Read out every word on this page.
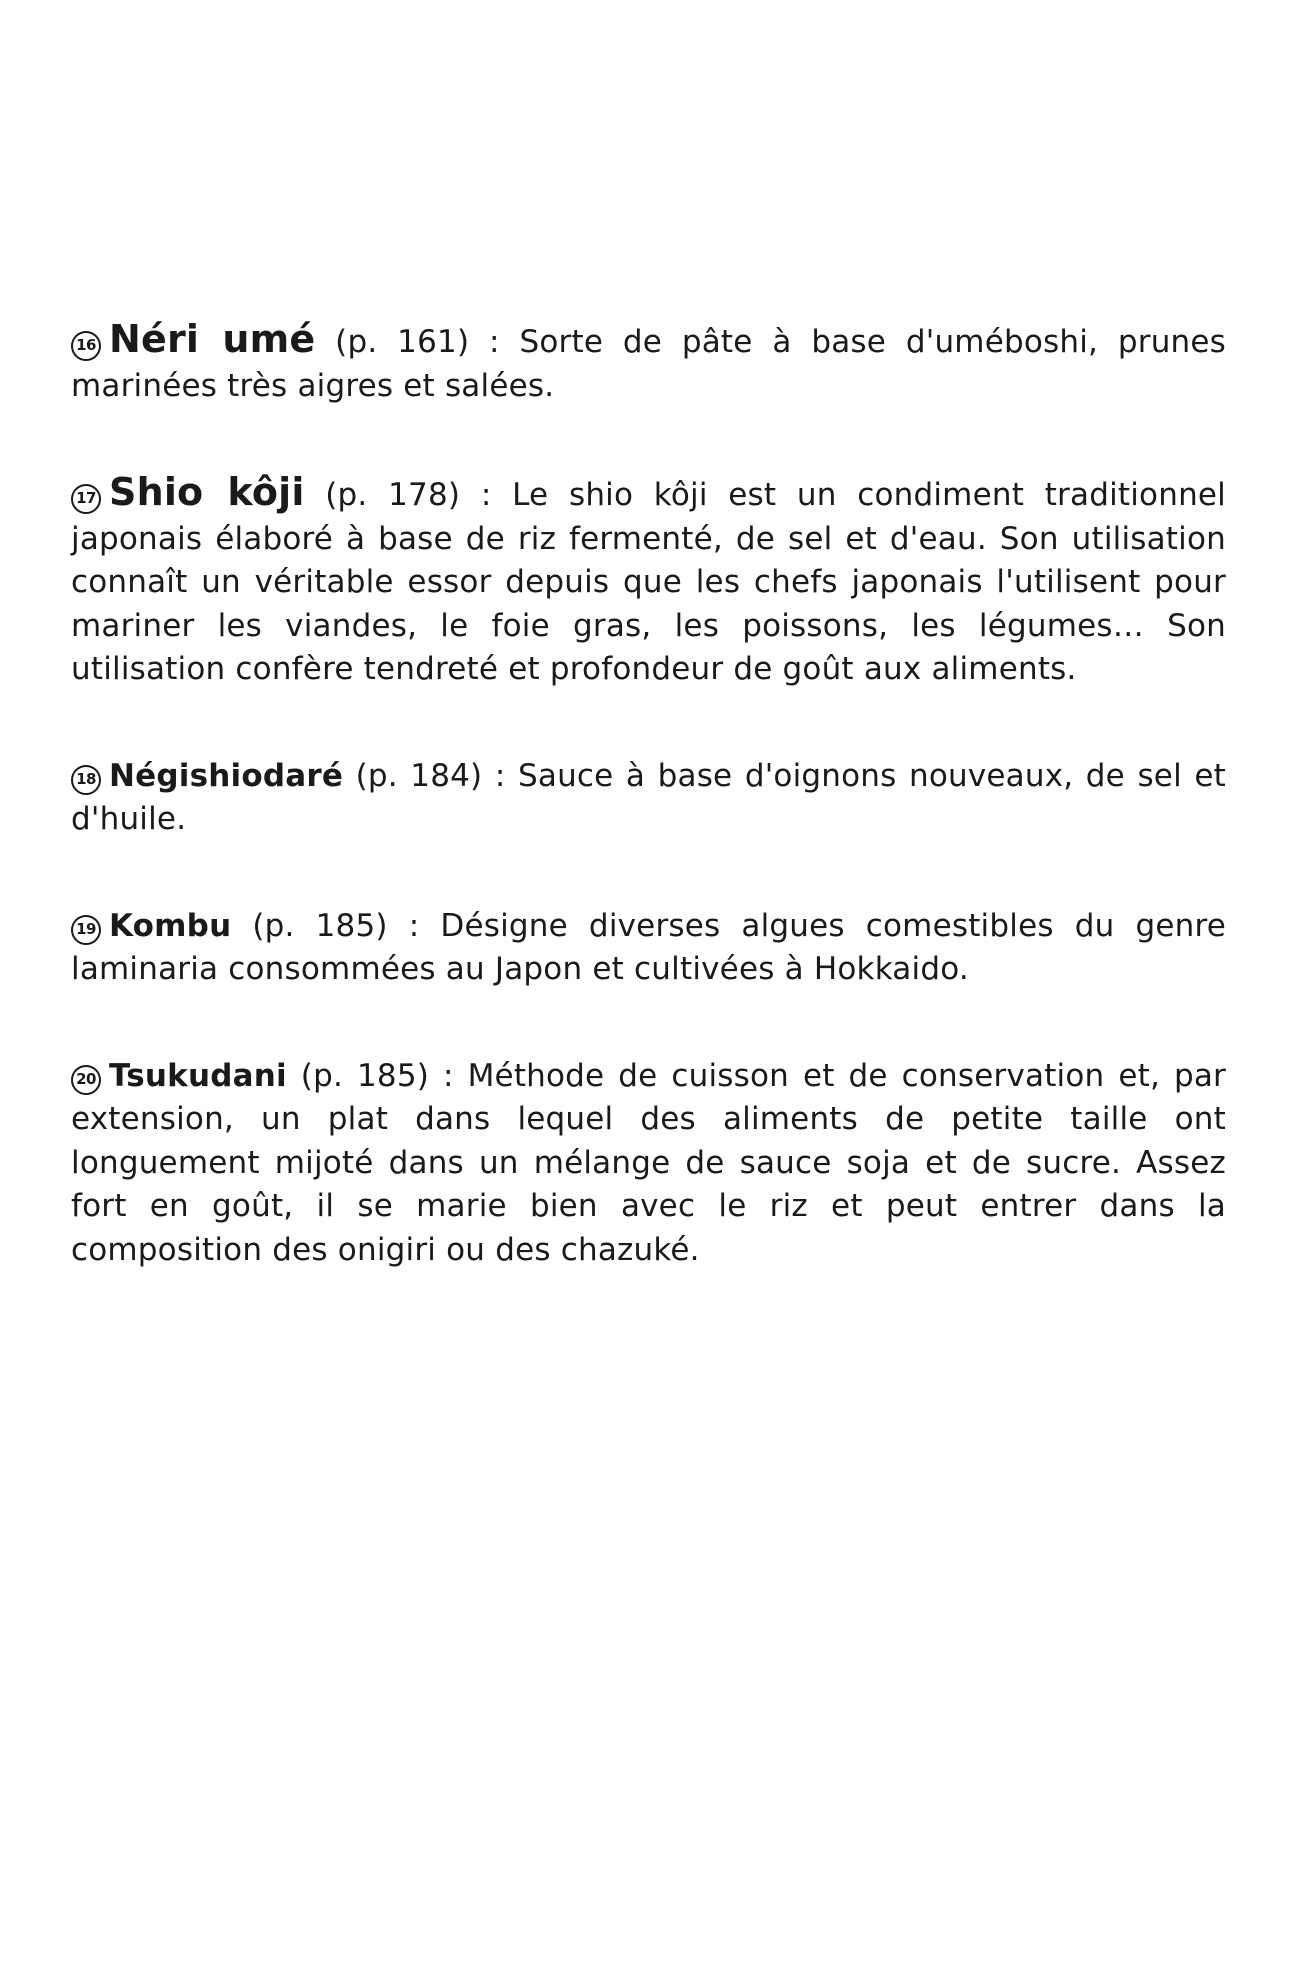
16 Néri umé (p. 161) : Sorte de pâte à base d'uméboshi, prunes marinées très aigres et salées.

17 Shio kôji (p. 178) : Le shio kôji est un condiment traditionnel japonais élaboré à base de riz fermenté, de sel et d'eau. Son utilisation connaît un véritable essor depuis que les chefs japonais l'utilisent pour mariner les viandes, le foie gras, les poissons, les légumes… Son utilisation confère tendreté et profondeur de goût aux aliments.

18 Négishiodaré (p. 184) : Sauce à base d'oignons nouveaux, de sel et d'huile.

19 Kombu (p. 185) : Désigne diverses algues comestibles du genre laminaria consommées au Japon et cultivées à Hokkaido.

20 Tsukudani (p. 185) : Méthode de cuisson et de conservation et, par extension, un plat dans lequel des aliments de petite taille ont longuement mijoté dans un mélange de sauce soja et de sucre. Assez fort en goût, il se marie bien avec le riz et peut entrer dans la composition des onigiri ou des chazuké.
